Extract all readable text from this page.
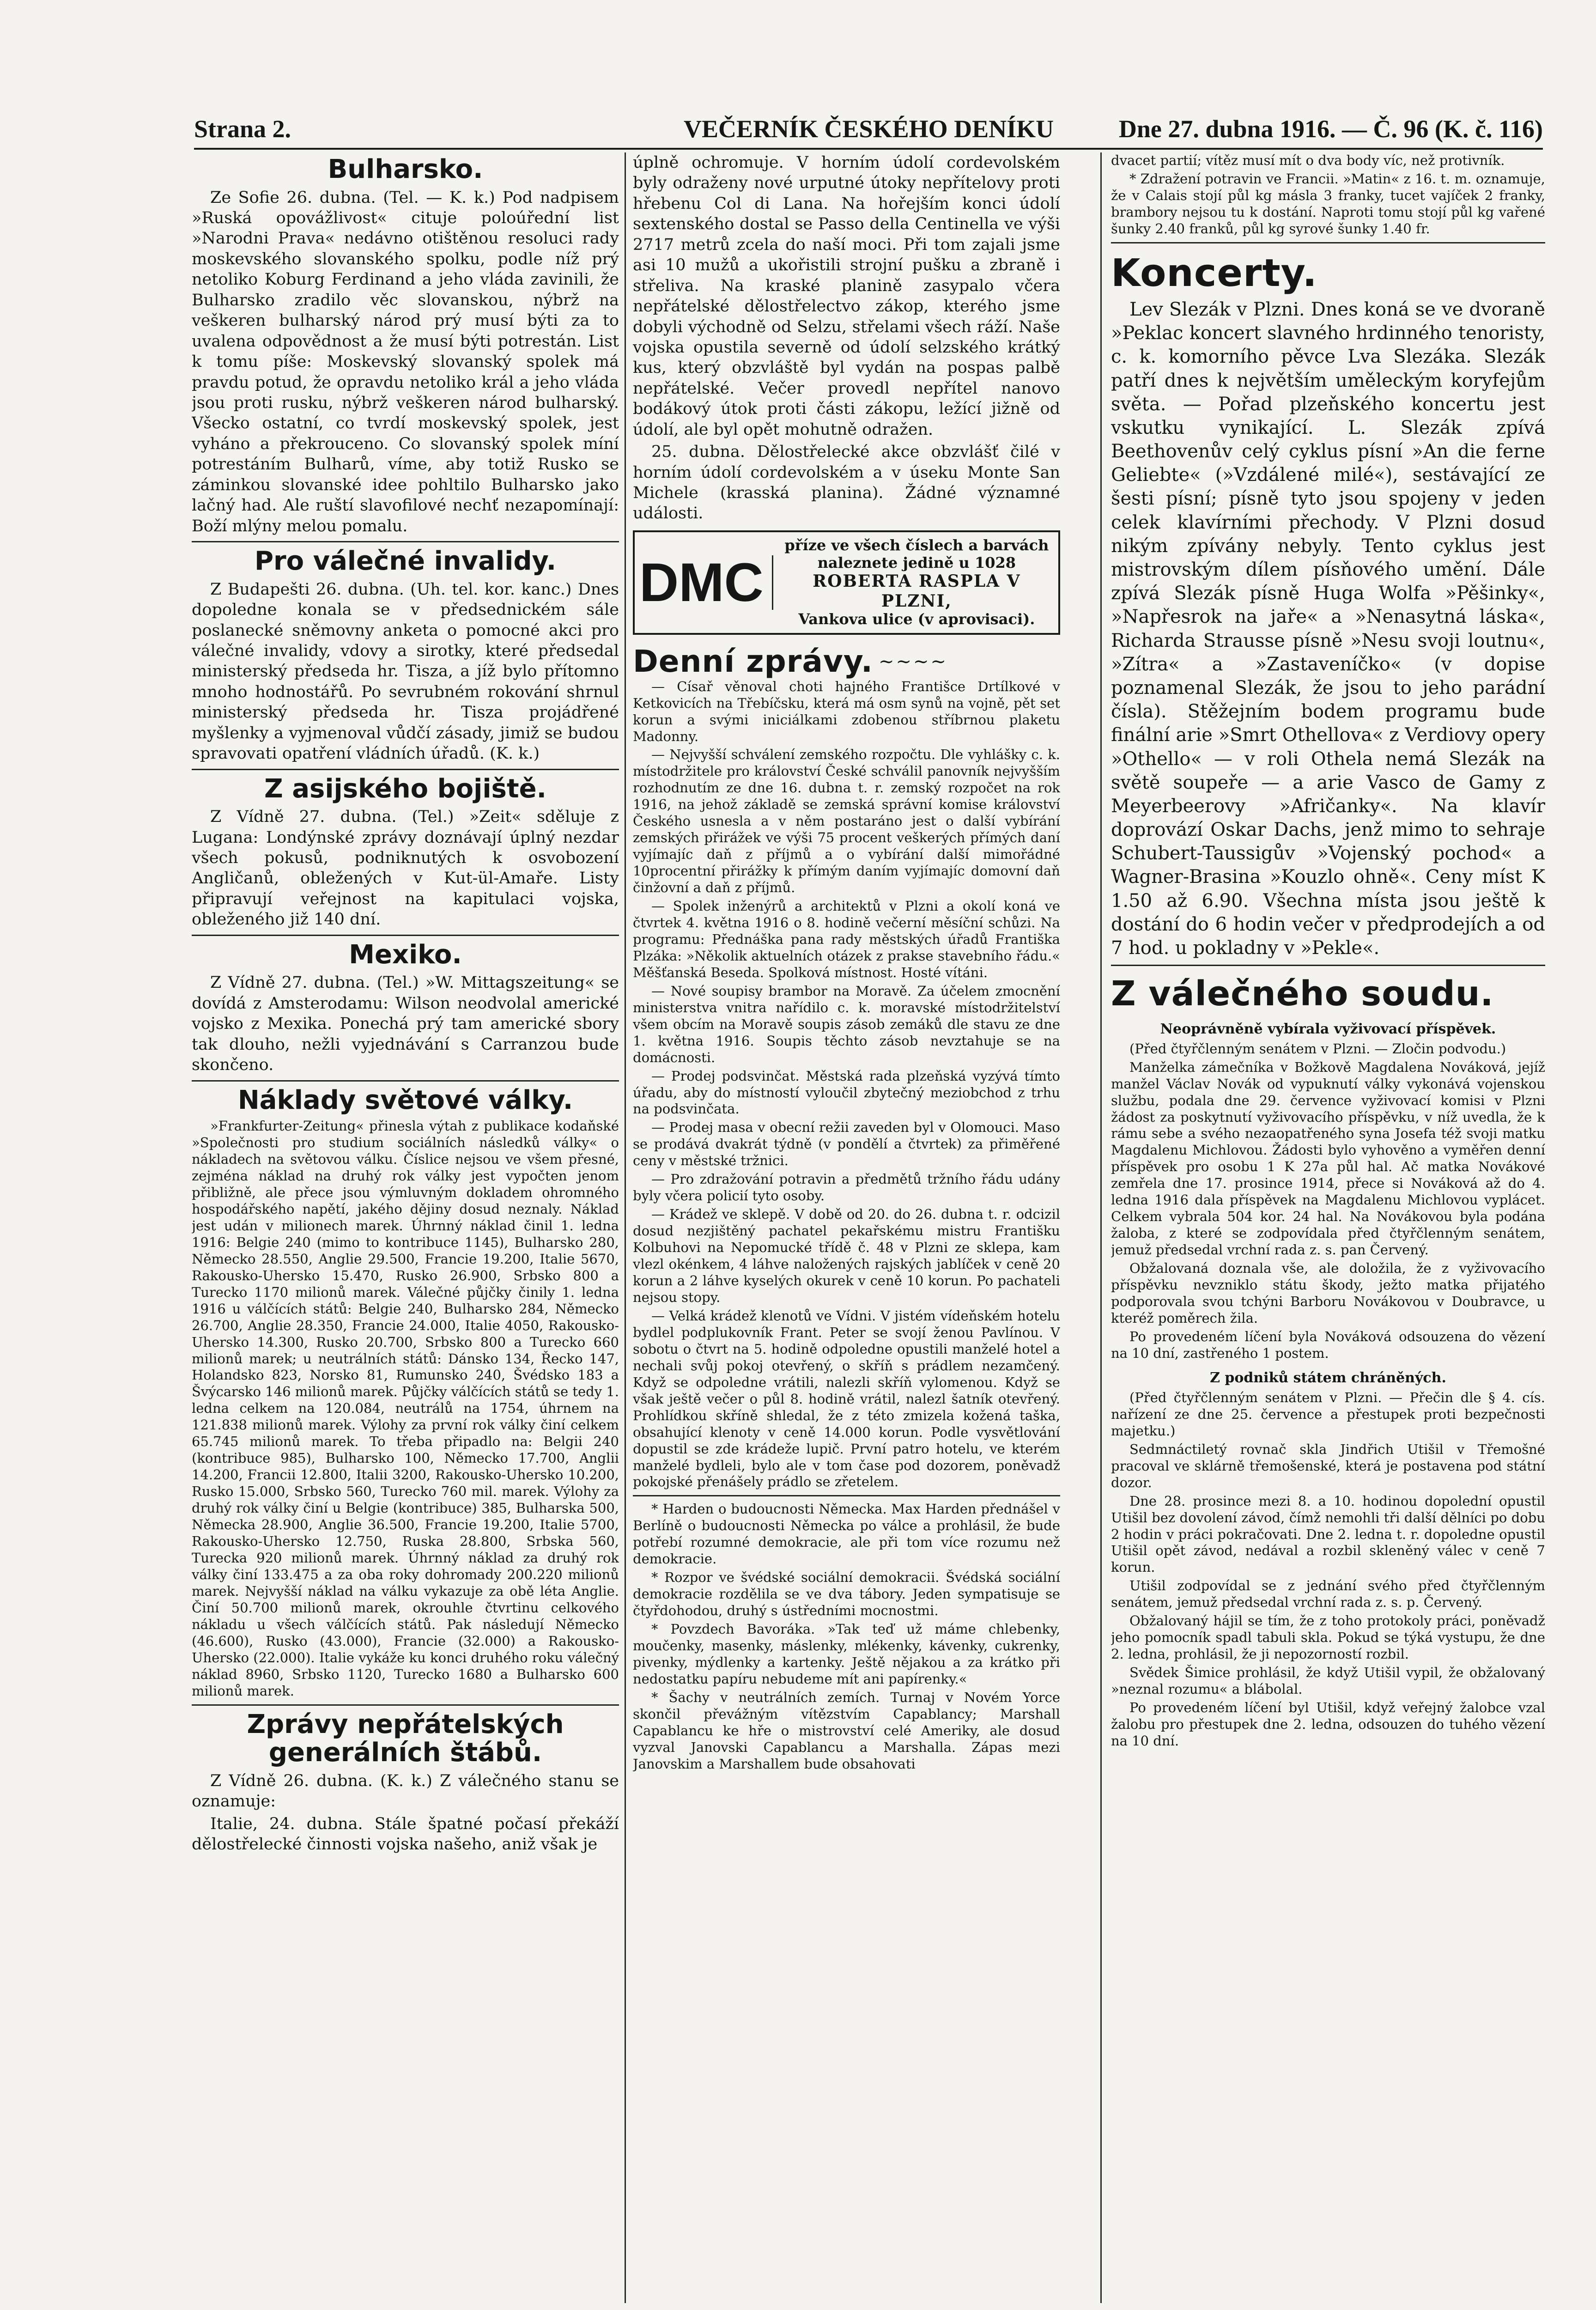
Strana 2.	VEČERNÍK ČESKÉHO DENÍKU	Dne 27. dubna 1916. — Č. 96 (K. č. 116)
Bulharsko.

Ze Sofie 26. dubna. (Tel. — K. k.) Pod nadpisem »Ruská opovážlivost« cituje poloúřední list »Narodni Prava« nedávno otištěnou resoluci rady moskevského slovanského spolku, podle níž prý netoliko Koburg Ferdinand a jeho vláda zavinili, že Bulharsko zradilo věc slovanskou, nýbrž na veškeren bulharský národ prý musí býti za to uvalena odpovědnost a že musí býti potrestán. List k tomu píše: Moskevský slovanský spolek má pravdu potud, že opravdu netoliko král a jeho vláda jsou proti rusku, nýbrž veškeren národ bulharský. Všecko ostatní, co tvrdí moskevský spolek, jest vyháno a překrouceno. Co slovanský spolek míní potrestáním Bulharů, víme, aby totiž Rusko se záminkou slovanské idee pohltilo Bulharsko jako lačný had. Ale ruští slavofilové nechť nezapomínají: Boží mlýny melou pomalu.

Pro válečné invalidy.

Z Budapešti 26. dubna. (Uh. tel. kor. kanc.) Dnes dopoledne konala se v předsednickém sále poslanecké sněmovny anketa o pomocné akci pro válečné invalidy, vdovy a sirotky, které předsedal ministerský předseda hr. Tisza, a jíž bylo přítomno mnoho hodnostářů. Po sevrubném rokování shrnul ministerský předseda hr. Tisza projádřené myšlenky a vyjmenoval vůdčí zásady, jimiž se budou spravovati opatření vládních úřadů. (K. k.)

Z asijského bojiště.

Z Vídně 27. dubna. (Tel.) »Zeit« sděluje z Lugana: Londýnské zprávy doznávají úplný nezdar všech pokusů, podniknutých k osvobození Angličanů, obležených v Kut-ül-Amaře. Listy připravují veřejnost na kapitulaci vojska, obleženého již 140 dní.

Mexiko.

Z Vídně 27. dubna. (Tel.) »W. Mittagszeitung« se dovídá z Amsterodamu: Wilson neodvolal americké vojsko z Mexika. Ponechá prý tam americké sbory tak dlouho, nežli vyjednávání s Carranzou bude skončeno.

Náklady světové války.

»Frankfurter-Zeitung« přinesla výtah z publikace kodaňské »Společnosti pro studium sociálních následků války« o nákladech na světovou válku. Číslice nejsou ve všem přesné, zejména náklad na druhý rok války jest vypočten jenom přibližně, ale přece jsou výmluvným dokladem ohromného hospodářského napětí, jakého dějiny dosud neznaly. Náklad jest udán v milionech marek. Úhrnný náklad činil 1. ledna 1916: Belgie 240 (mimo to kontribuce 1145), Bulharsko 280, Německo 28.550, Anglie 29.500, Francie 19.200, Italie 5670, Rakousko-Uhersko 15.470, Rusko 26.900, Srbsko 800 a Turecko 1170 milionů marek. Válečné půjčky činily 1. ledna 1916 u válčících států: Belgie 240, Bulharsko 284, Německo 26.700, Anglie 28.350, Francie 24.000, Italie 4050, Rakousko-Uhersko 14.300, Rusko 20.700, Srbsko 800 a Turecko 660 milionů marek; u neutrálních států: Dánsko 134, Řecko 147, Holandsko 823, Norsko 81, Rumunsko 240, Švédsko 183 a Švýcarsko 146 milionů marek. Půjčky válčících států se tedy 1. ledna celkem na 120.084, neutrálů na 1754, úhrnem na 121.838 milionů marek. Výlohy za první rok války činí celkem 65.745 milionů marek. To třeba připadlo na: Belgii 240 (kontribuce 985), Bulharsko 100, Německo 17.700, Anglii 14.200, Francii 12.800, Italii 3200, Rakousko-Uhersko 10.200, Rusko 15.000, Srbsko 560, Turecko 760 mil. marek. Výlohy za druhý rok války činí u Belgie (kontribuce) 385, Bulharska 500, Německa 28.900, Anglie 36.500, Francie 19.200, Italie 5700, Rakousko-Uhersko 12.750, Ruska 28.800, Srbska 560, Turecka 920 milionů marek. Úhrnný náklad za druhý rok války činí 133.475 a za oba roky dohromady 200.220 milionů marek. Nejvyšší náklad na válku vykazuje za obě léta Anglie. Činí 50.700 milionů marek, okrouhle čtvrtinu celkového nákladu u všech válčících států. Pak následují Německo (46.600), Rusko (43.000), Francie (32.000) a Rakousko-Uhersko (22.000). Italie vykáže ku konci druhého roku válečný náklad 8960, Srbsko 1120, Turecko 1680 a Bulharsko 600 milionů marek.

Zprávy nepřátelských generálních štábů.

Z Vídně 26. dubna. (K. k.) Z válečného stanu se oznamuje:

Italie, 24. dubna. Stále špatné počasí překáží dělostřelecké činnosti vojska našeho, aniž však je

úplně ochromuje. V horním údolí cordevolském byly odraženy nové urputné útoky nepřítelovy proti hřebenu Col di Lana. Na hořejším konci údolí sextenského dostal se Passo della Centinella ve výši 2717 metrů zcela do naší moci. Při tom zajali jsme asi 10 mužů a ukořistili strojní pušku a zbraně i střeliva. Na kraské planině zasypalo včera nepřátelské dělostřelectvo zákop, kterého jsme dobyli východně od Selzu, střelami všech ráží. Naše vojska opustila severně od údolí selzského krátký kus, který obzvláště byl vydán na pospas palbě nepřátelské. Večer provedl nepřítel nanovo bodákový útok proti části zákopu, ležící jižně od údolí, ale byl opět mohutně odražen.

25. dubna. Dělostřelecké akce obzvlášť čilé v horním údolí cordevolském a v úseku Monte San Michele (krasská planina). Žádné významné události.

DMC
příze ve všech číslech a barvách
naleznete jedině u 1028
ROBERTA RASPLA V PLZNI,
Vankova ulice (v aprovisaci).
Denní zprávy. ~~~~

— Císař věnoval choti hajného Františce Drtílkové v Ketkovicích na Třebíčsku, která má osm synů na vojně, pět set korun a svými iniciálkami zdobenou stříbrnou plaketu Madonny.

— Nejvyšší schválení zemského rozpočtu. Dle vyhlášky c. k. místodržitele pro království České schválil panovník nejvyšším rozhodnutím ze dne 16. dubna t. r. zemský rozpočet na rok 1916, na jehož základě se zemská správní komise království Českého usnesla a v něm postaráno jest o další vybírání zemských přirážek ve výši 75 procent veškerých přímých daní vyjímajíc daň z příjmů a o vybírání další mimořádné 10procentní přirážky k přímým daním vyjímajíc domovní daň činžovní a daň z příjmů.

— Spolek inženýrů a architektů v Plzni a okolí koná ve čtvrtek 4. května 1916 o 8. hodině večerní měsíční schůzi. Na programu: Přednáška pana rady městských úřadů Františka Plzáka: »Několik aktuelních otázek z prakse stavebního řádu.« Měšťanská Beseda. Spolková místnost. Hosté vítáni.

— Nové soupisy brambor na Moravě. Za účelem zmocnění ministerstva vnitra nařídilo c. k. moravské místodržitelství všem obcím na Moravě soupis zásob zemáků dle stavu ze dne 1. května 1916. Soupis těchto zásob nevztahuje se na domácnosti.

— Prodej podsvinčat. Městská rada plzeňská vyzývá tímto úřadu, aby do místností vyloučil zbytečný meziobchod z trhu na podsvinčata.

— Prodej masa v obecní režii zaveden byl v Olomouci. Maso se prodává dvakrát týdně (v pondělí a čtvrtek) za přiměřené ceny v městské tržnici.

— Pro zdražování potravin a předmětů tržního řádu udány byly včera policií tyto osoby.

— Krádež ve sklepě. V době od 20. do 26. dubna t. r. odcizil dosud nezjištěný pachatel pekařskému mistru Františku Kolbuhovi na Nepomucké třídě č. 48 v Plzni ze sklepa, kam vlezl okénkem, 4 láhve naložených rajských jablíček v ceně 20 korun a 2 láhve kyselých okurek v ceně 10 korun. Po pachateli nejsou stopy.

— Velká krádež klenotů ve Vídni. V jistém vídeňském hotelu bydlel podplukovník Frant. Peter se svojí ženou Pavlínou. V sobotu o čtvrt na 5. hodině odpoledne opustili manželé hotel a nechali svůj pokoj otevřený, o skříň s prádlem nezamčený. Když se odpoledne vrátili, nalezli skříň vylomenou. Když se však ještě večer o půl 8. hodině vrátil, nalezl šatník otevřený. Prohlídkou skříně shledal, že z této zmizela kožená taška, obsahující klenoty v ceně 14.000 korun. Podle vysvětlování dopustil se zde krádeže lupič. První patro hotelu, ve kterém manželé bydleli, bylo ale v tom čase pod dozorem, poněvadž pokojské přenášely prádlo se zřetelem.

* Harden o budoucnosti Německa. Max Harden přednášel v Berlíně o budoucnosti Německa po válce a prohlásil, že bude potřebí rozumné demokracie, ale při tom více rozumu než demokracie.

* Rozpor ve švédské sociální demokracii. Švédská sociální demokracie rozdělila se ve dva tábory. Jeden sympatisuje se čtyřdohodou, druhý s ústředními mocnostmi.

* Povzdech Bavoráka. »Tak teď už máme chlebenky, moučenky, masenky, máslenky, mlékenky, kávenky, cukrenky, pivenky, mýdlenky a kartenky. Ještě nějakou a za krátko při nedostatku papíru nebudeme mít ani papírenky.«

* Šachy v neutrálních zemích. Turnaj v Novém Yorce skončil převážným vítězstvím Capablancy; Marshall Capablancu ke hře o mistrovství celé Ameriky, ale dosud vyzval Janovski Capablancu a Marshalla. Zápas mezi Janovskim a Marshallem bude obsahovati

dvacet partií; vítěz musí mít o dva body víc, než protivník.

* Zdražení potravin ve Francii. »Matin« z 16. t. m. oznamuje, že v Calais stojí půl kg másla 3 franky, tucet vajíček 2 franky, brambory nejsou tu k dostání. Naproti tomu stojí půl kg vařené šunky 2.40 franků, půl kg syrové šunky 1.40 fr.

Koncerty.

Lev Slezák v Plzni. Dnes koná se ve dvoraně »Peklac koncert slavného hrdinného tenoristy, c. k. komorního pěvce Lva Slezáka. Slezák patří dnes k největším uměleckým koryfejům světa. — Pořad plzeňského koncertu jest vskutku vynikající. L. Slezák zpívá Beethovenův celý cyklus písní »An die ferne Geliebte« (»Vzdálené milé«), sestávající ze šesti písní; písně tyto jsou spojeny v jeden celek klavírními přechody. V Plzni dosud nikým zpívány nebyly. Tento cyklus jest mistrovským dílem písňového umění. Dále zpívá Slezák písně Huga Wolfa »Pěšinky«, »Napřesrok na jaře« a »Nenasytná láska«, Richarda Strausse písně »Nesu svoji loutnu«, »Zítra« a »Zastaveníčko« (v dopise poznamenal Slezák, že jsou to jeho parádní čísla). Stěžejním bodem programu bude finální arie »Smrt Othellova« z Verdiovy opery »Othello« — v roli Othela nemá Slezák na světě soupeře — a arie Vasco de Gamy z Meyerbeerovy »Afričanky«. Na klavír doprovází Oskar Dachs, jenž mimo to sehraje Schubert-Taussigův »Vojenský pochod« a Wagner-Brasina »Kouzlo ohně«. Ceny míst K 1.50 až 6.90. Všechna místa jsou ještě k dostání do 6 hodin večer v předprodejích a od 7 hod. u pokladny v »Pekle«.

Z válečného soudu.
Neoprávněně vybírala vyživovací příspěvek.

(Před čtyřčlenným senátem v Plzni. — Zločin podvodu.)

Manželka zámečníka v Božkově Magdalena Nováková, jejíž manžel Václav Novák od vypuknutí války vykonává vojenskou službu, podala dne 29. července vyživovací komisi v Plzni žádost za poskytnutí vyživovacího příspěvku, v níž uvedla, že k rámu sebe a svého nezaopatřeného syna Josefa též svoji matku Magdalenu Michlovou. Žádosti bylo vyhověno a vyměřen denní příspěvek pro osobu 1 K 27a půl hal. Ač matka Novákové zemřela dne 17. prosince 1914, přece si Nováková až do 4. ledna 1916 dala příspěvek na Magdalenu Michlovou vyplácet. Celkem vybrala 504 kor. 24 hal. Na Novákovou byla podána žaloba, z které se zodpovídala před čtyřčlenným senátem, jemuž předsedal vrchní rada z. s. pan Červený.

Obžalovaná doznala vše, ale doložila, že z vyživovacího příspěvku nevzniklo státu škody, ježto matka přijatého podporovala svou tchýni Barboru Novákovou v Doubravce, u kteréž poměrech žila.

Po provedeném líčení byla Nováková odsouzena do vězení na 10 dní, zastřeného 1 postem.

Z podniků státem chráněných.

(Před čtyřčlenným senátem v Plzni. — Přečin dle § 4. cís. nařízení ze dne 25. července a přestupek proti bezpečnosti majetku.)

Sedmnáctiletý rovnač skla Jindřich Utišil v Třemošné pracoval ve sklárně třemošenské, která je postavena pod státní dozor.

Dne 28. prosince mezi 8. a 10. hodinou dopolední opustil Utišil bez dovolení závod, čímž nemohli tři další dělníci po dobu 2 hodin v práci pokračovati. Dne 2. ledna t. r. dopoledne opustil Utišil opět závod, nedával a rozbil skleněný válec v ceně 7 korun.

Utišil zodpovídal se z jednání svého před čtyřčlenným senátem, jemuž předsedal vrchní rada z. s. p. Červený.

Obžalovaný hájil se tím, že z toho protokoly práci, poněvadž jeho pomocník spadl tabuli skla. Pokud se týká vystupu, že dne 2. ledna, prohlásil, že ji nepozorností rozbil.

Svědek Šimice prohlásil, že když Utišil vypil, že obžalovaný »neznal rozumu« a blábolal.

Po provedeném líčení byl Utišil, když veřejný žalobce vzal žalobu pro přestupek dne 2. ledna, odsouzen do tuhého vězení na 10 dní.
